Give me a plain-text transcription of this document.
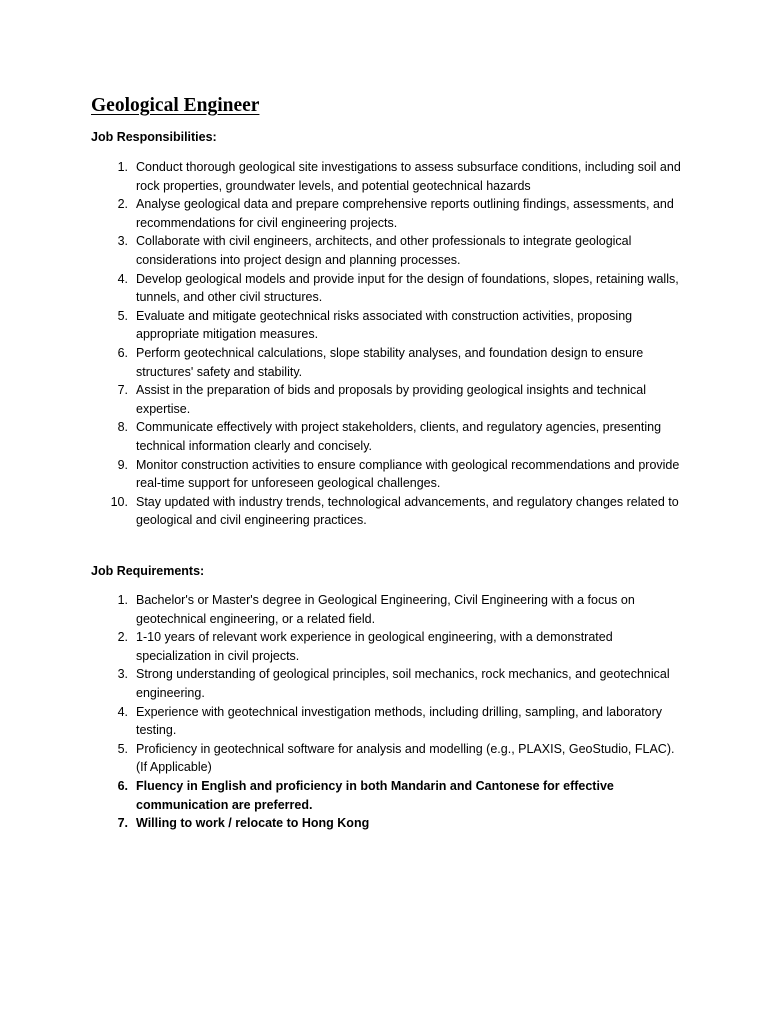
Geological Engineer
Job Responsibilities:
1. Conduct thorough geological site investigations to assess subsurface conditions, including soil and rock properties, groundwater levels, and potential geotechnical hazards
2. Analyse geological data and prepare comprehensive reports outlining findings, assessments, and recommendations for civil engineering projects.
3. Collaborate with civil engineers, architects, and other professionals to integrate geological considerations into project design and planning processes.
4. Develop geological models and provide input for the design of foundations, slopes, retaining walls, tunnels, and other civil structures.
5. Evaluate and mitigate geotechnical risks associated with construction activities, proposing appropriate mitigation measures.
6. Perform geotechnical calculations, slope stability analyses, and foundation design to ensure structures' safety and stability.
7. Assist in the preparation of bids and proposals by providing geological insights and technical expertise.
8. Communicate effectively with project stakeholders, clients, and regulatory agencies, presenting technical information clearly and concisely.
9. Monitor construction activities to ensure compliance with geological recommendations and provide real-time support for unforeseen geological challenges.
10. Stay updated with industry trends, technological advancements, and regulatory changes related to geological and civil engineering practices.
Job Requirements:
1. Bachelor's or Master's degree in Geological Engineering, Civil Engineering with a focus on geotechnical engineering, or a related field.
2. 1-10 years of relevant work experience in geological engineering, with a demonstrated specialization in civil projects.
3. Strong understanding of geological principles, soil mechanics, rock mechanics, and geotechnical engineering.
4. Experience with geotechnical investigation methods, including drilling, sampling, and laboratory testing.
5. Proficiency in geotechnical software for analysis and modelling (e.g., PLAXIS, GeoStudio, FLAC). (If Applicable)
6. Fluency in English and proficiency in both Mandarin and Cantonese for effective communication are preferred.
7. Willing to work / relocate to Hong Kong
